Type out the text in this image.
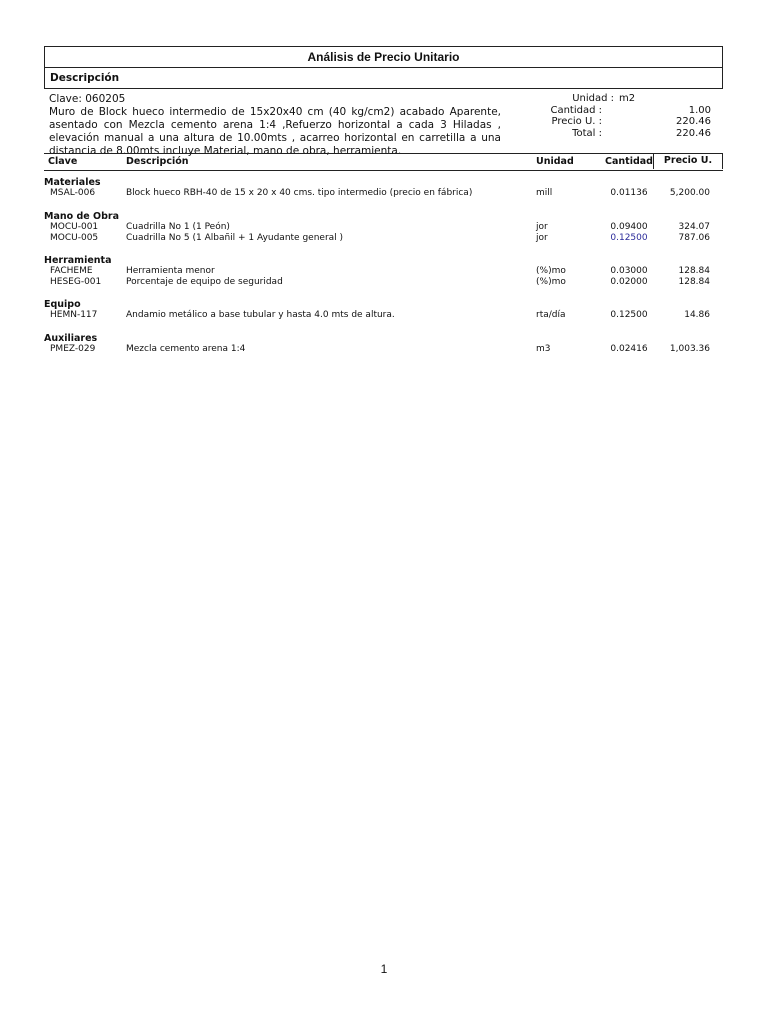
Análisis de Precio Unitario
Descripción
Clave: 060205
Muro de Block hueco intermedio de 15x20x40 cm (40 kg/cm2) acabado Aparente,
asentado con Mezcla cemento arena 1:4 ,Refuerzo horizontal a cada 3 Hiladas ,
elevación manual a una altura de 10.00mts , acarreo horizontal en carretilla a una
distancia de 8.00mts incluye Material, mano de obra, herramienta.
Unidad : m2
Cantidad :	1.00
Precio U. :	220.46
Total :	220.46
Clave	Descripción	Unidad	Cantidad	Precio U.
Materiales
MSAL-006	Block hueco RBH-40 de 15 x 20 x 40 cms. tipo intermedio (precio en fábrica)	mill	0.01136	5,200.00
Mano de Obra
MOCU-001	Cuadrilla No 1 (1 Peón)	jor	0.09400	324.07
MOCU-005	Cuadrilla No 5 (1 Albañil + 1 Ayudante general )	jor	0.12500	787.06
Herramienta
FACHEME	Herramienta menor	(%)mo	0.03000	128.84
HESEG-001	Porcentaje de equipo de seguridad	(%)mo	0.02000	128.84
Equipo
HEMN-117	Andamio metálico a base tubular y hasta 4.0 mts de altura.	rta/día	0.12500	14.86
Auxiliares
PMEZ-029	Mezcla cemento arena 1:4	m3	0.02416	1,003.36
1
